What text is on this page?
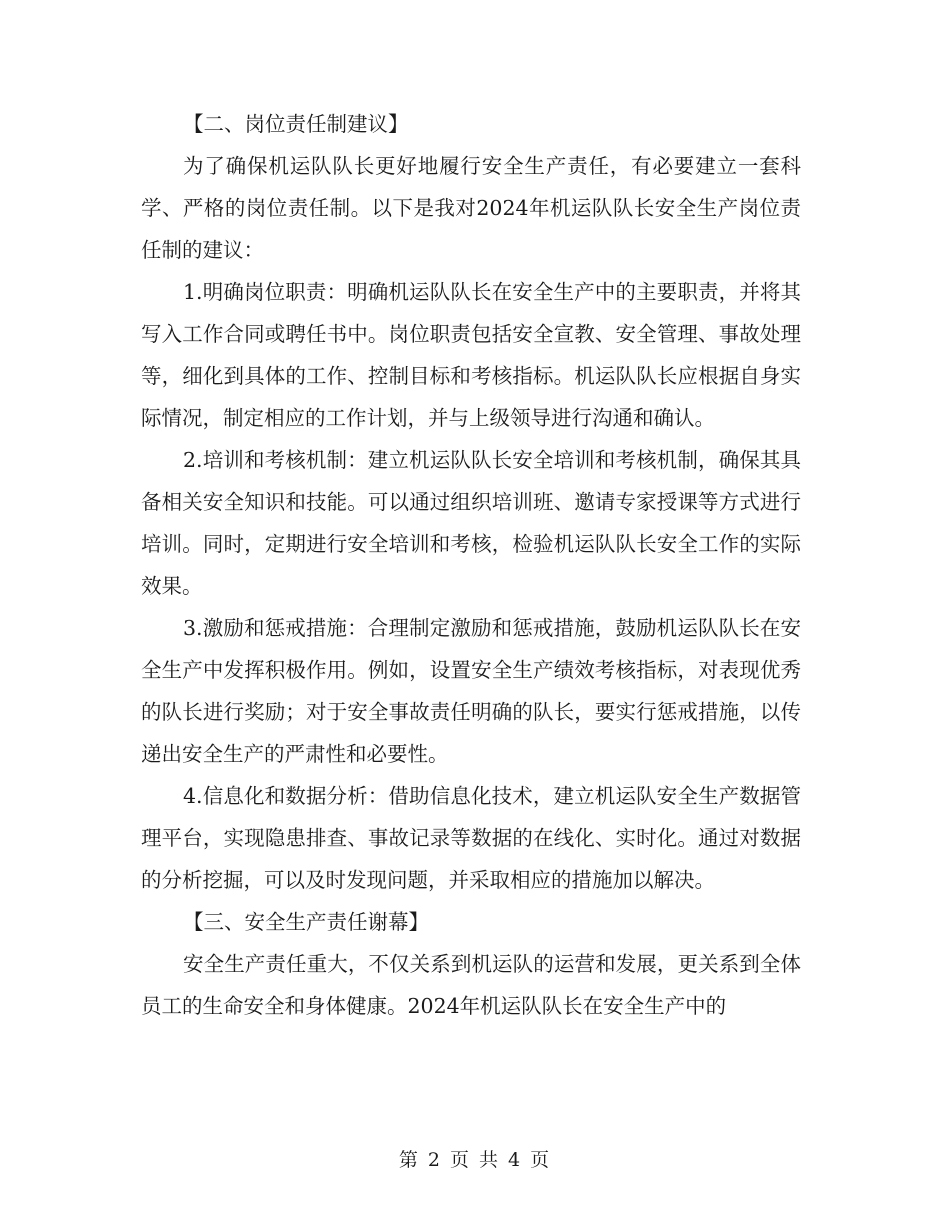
【二、岗位责任制建议】

为了确保机运队队长更好地履行安全生产责任，有必要建立一套科学、严格的岗位责任制。以下是我对2024年机运队队长安全生产岗位责任制的建议：

1.明确岗位职责：明确机运队队长在安全生产中的主要职责，并将其写入工作合同或聘任书中。岗位职责包括安全宣教、安全管理、事故处理等，细化到具体的工作、控制目标和考核指标。机运队队长应根据自身实际情况，制定相应的工作计划，并与上级领导进行沟通和确认。

2.培训和考核机制：建立机运队队长安全培训和考核机制，确保其具备相关安全知识和技能。可以通过组织培训班、邀请专家授课等方式进行培训。同时，定期进行安全培训和考核，检验机运队队长安全工作的实际效果。

3.激励和惩戒措施：合理制定激励和惩戒措施，鼓励机运队队长在安全生产中发挥积极作用。例如，设置安全生产绩效考核指标，对表现优秀的队长进行奖励；对于安全事故责任明确的队长，要实行惩戒措施，以传递出安全生产的严肃性和必要性。

4.信息化和数据分析：借助信息化技术，建立机运队安全生产数据管理平台，实现隐患排查、事故记录等数据的在线化、实时化。通过对数据的分析挖掘，可以及时发现问题，并采取相应的措施加以解决。

【三、安全生产责任谢幕】

安全生产责任重大，不仅关系到机运队的运营和发展，更关系到全体员工的生命安全和身体健康。2024年机运队队长在安全生产中的

第 2 页 共 4 页
